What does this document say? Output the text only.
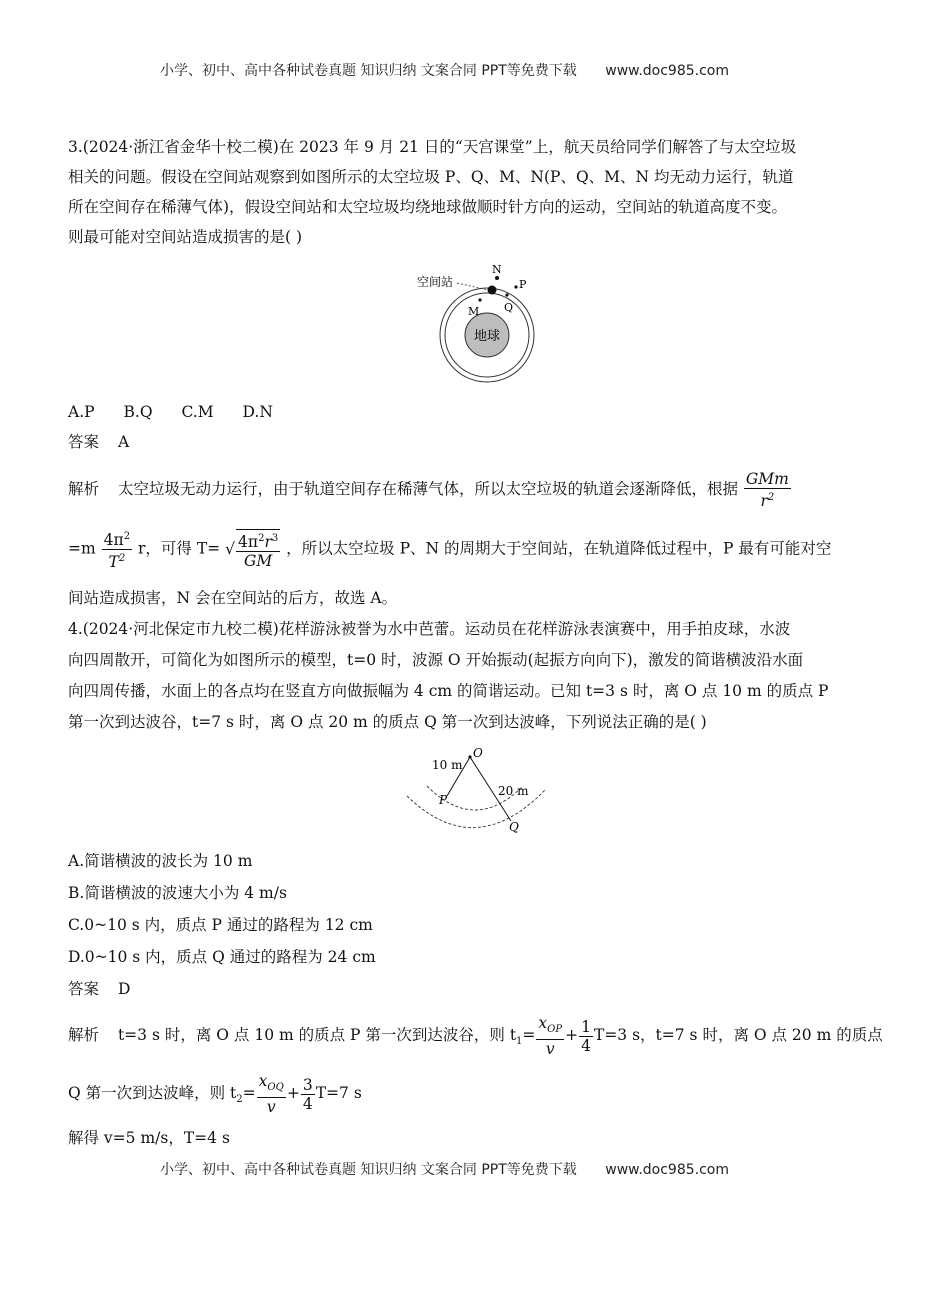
小学、初中、高中各种试卷真题 知识归纳 文案合同 PPT等免费下载 www.doc985.com
3.(2024·浙江省金华十校二模)在 2023 年 9 月 21 日的“天宫课堂”上，航天员给同学们解答了与太空垃圾
相关的问题。假设在空间站观察到如图所示的太空垃圾 P、Q、M、N(P、Q、M、N 均无动力运行，轨道
所在空间存在稀薄气体)，假设空间站和太空垃圾均绕地球做顺时针方向的运动，空间站的轨道高度不变。
则最可能对空间站造成损害的是( )
地球
空间站
N
P
Q
M
A.P B.Q C.M D.N
答案 A
解析 太空垃圾无动力运行，由于轨道空间存在稀薄气体，所以太空垃圾的轨道会逐渐降低，根据 $\frac{\text{GMm}}{r^2}$
$=m \frac{4\pi^2}{T^2}$ r，可得 T= √ $\frac{4\pi^2r^3}{GM}$ ，所以太空垃圾 P、N 的周期大于空间站，在轨道降低过程中，P 最有可能对空
间站造成损害，N 会在空间站的后方，故选 A。
4.(2024·河北保定市九校二模)花样游泳被誉为水中芭蕾。运动员在花样游泳表演赛中，用手拍皮球，水波
向四周散开，可简化为如图所示的模型，t=0 时，波源 O 开始振动(起振方向向下)，激发的简谐横波沿水面
向四周传播，水面上的各点均在竖直方向做振幅为 4 cm 的简谐运动。已知 t=3 s 时，离 O 点 10 m 的质点 P
第一次到达波谷，t=7 s 时，离 O 点 20 m 的质点 Q 第一次到达波峰，下列说法正确的是( )
O
10 m
20 m
P
Q
A.简谐横波的波长为 10 m
B.简谐横波的波速大小为 4 m/s
C.0~10 s 内，质点 P 通过的路程为 12 cm
D.0~10 s 内，质点 Q 通过的路程为 24 cm
答案 D
解析 t=3 s 时，离 O 点 10 m 的质点 P 第一次到达波谷，则 $t_1= \frac{x_{OP}}{v} + \frac{1}{4} T=3$ s，t=7 s 时，离 O 点 20 m 的质点
Q 第一次到达波峰，则 $t_2= \frac{x_{OQ}}{v} + \frac{3}{4} T=7$ s
解得 v=5 m/s，T=4 s
小学、初中、高中各种试卷真题 知识归纳 文案合同 PPT等免费下载 www.doc985.com
